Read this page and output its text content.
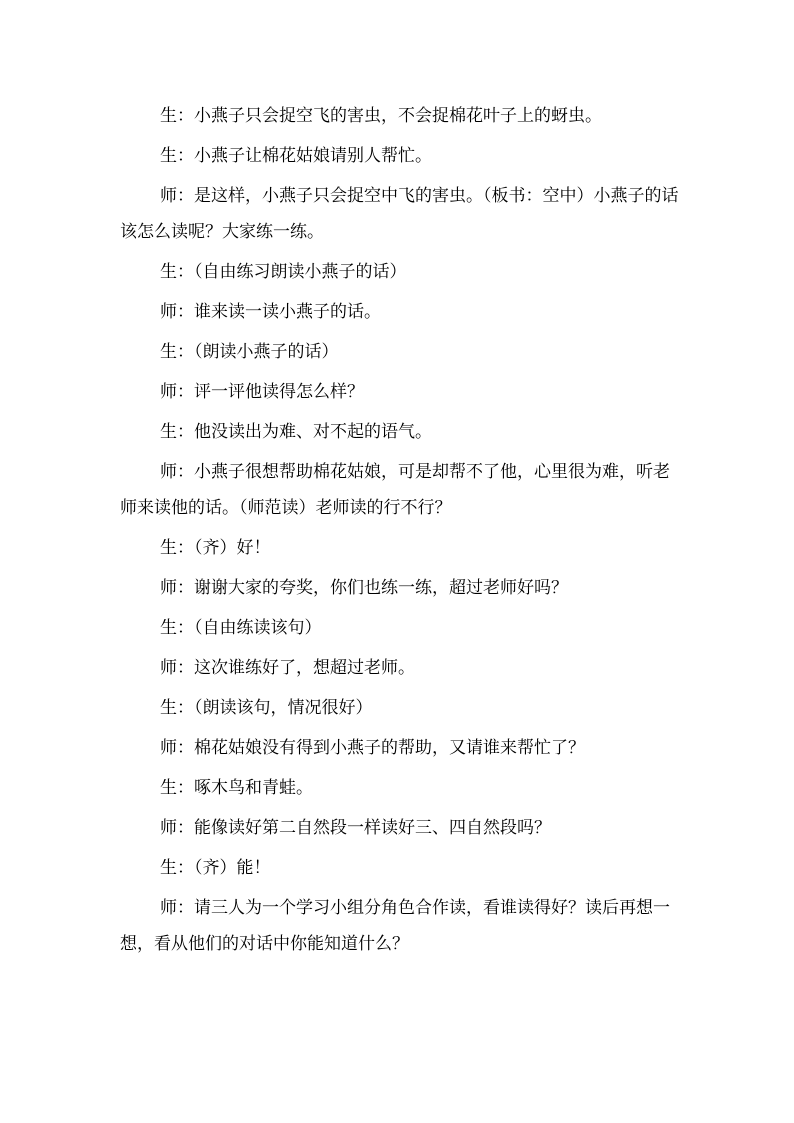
生：小燕子只会捉空飞的害虫，不会捉棉花叶子上的蚜虫。

生：小燕子让棉花姑娘请别人帮忙。

师：是这样，小燕子只会捉空中飞的害虫。（板书：空中）小燕子的话该怎么读呢？大家练一练。

生：（自由练习朗读小燕子的话）

师：谁来读一读小燕子的话。

生：（朗读小燕子的话）

师：评一评他读得怎么样？

生：他没读出为难、对不起的语气。

师：小燕子很想帮助棉花姑娘，可是却帮不了他，心里很为难，听老师来读他的话。（师范读）老师读的行不行？

生：（齐）好！

师：谢谢大家的夸奖，你们也练一练，超过老师好吗？

生：（自由练读该句）

师：这次谁练好了，想超过老师。

生：（朗读该句，情况很好）

师：棉花姑娘没有得到小燕子的帮助，又请谁来帮忙了？

生：啄木鸟和青蛙。

师：能像读好第二自然段一样读好三、四自然段吗？

生：（齐）能！

师：请三人为一个学习小组分角色合作读，看谁读得好？读后再想一想，看从他们的对话中你能知道什么？
